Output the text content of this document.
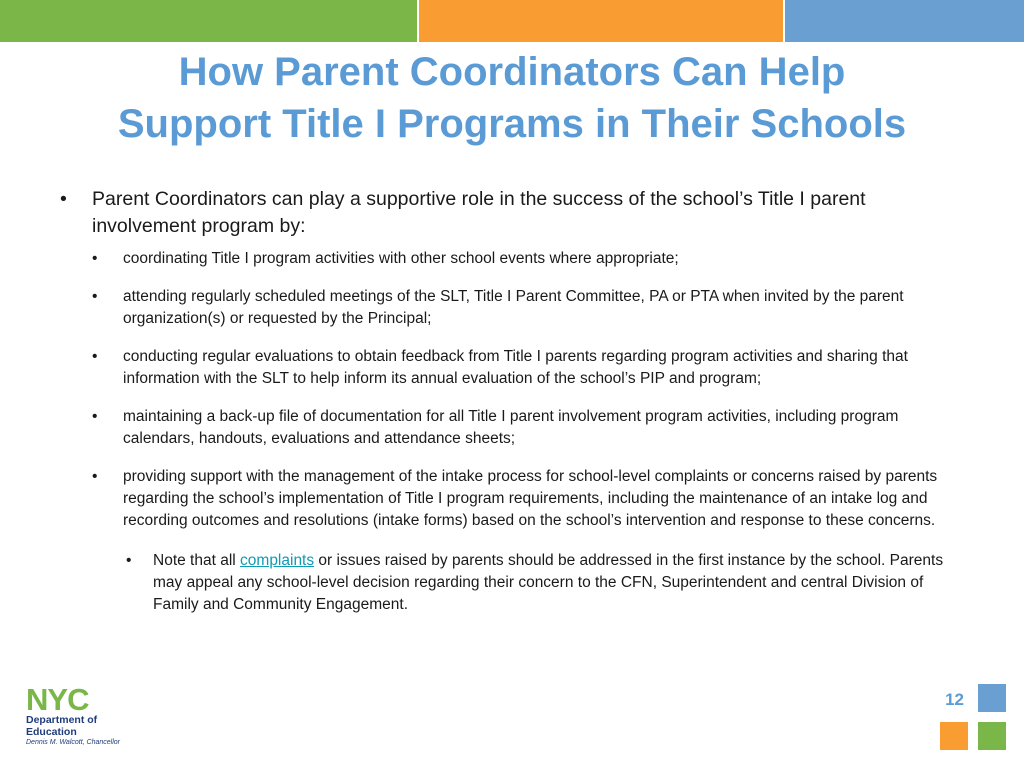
How Parent Coordinators Can Help
Support Title I Programs in Their Schools
• Parent Coordinators can play a supportive role in the success of the school’s Title I parent involvement program by:
• coordinating Title I program activities with other school events where appropriate;
• attending regularly scheduled meetings of the SLT, Title I Parent Committee, PA or PTA when invited by the parent organization(s) or requested by the Principal;
• conducting regular evaluations to obtain feedback from Title I parents regarding program activities and sharing that information with the SLT to help inform its annual evaluation of the school’s PIP and program;
• maintaining a back-up file of documentation for all Title I parent involvement program activities, including program calendars, handouts, evaluations and attendance sheets;
• providing support with the management of the intake process for school-level complaints or concerns raised by parents regarding the school’s implementation of Title I program requirements, including the maintenance of an intake log and recording outcomes and resolutions (intake forms) based on the school’s intervention and response to these concerns.
• Note that all complaints or issues raised by parents should be addressed in the first instance by the school. Parents may appeal any school-level decision regarding their concern to the CFN, Superintendent and central Division of Family and Community Engagement.
NYC
Department of
Education
Dennis M. Walcott, Chancellor
12
